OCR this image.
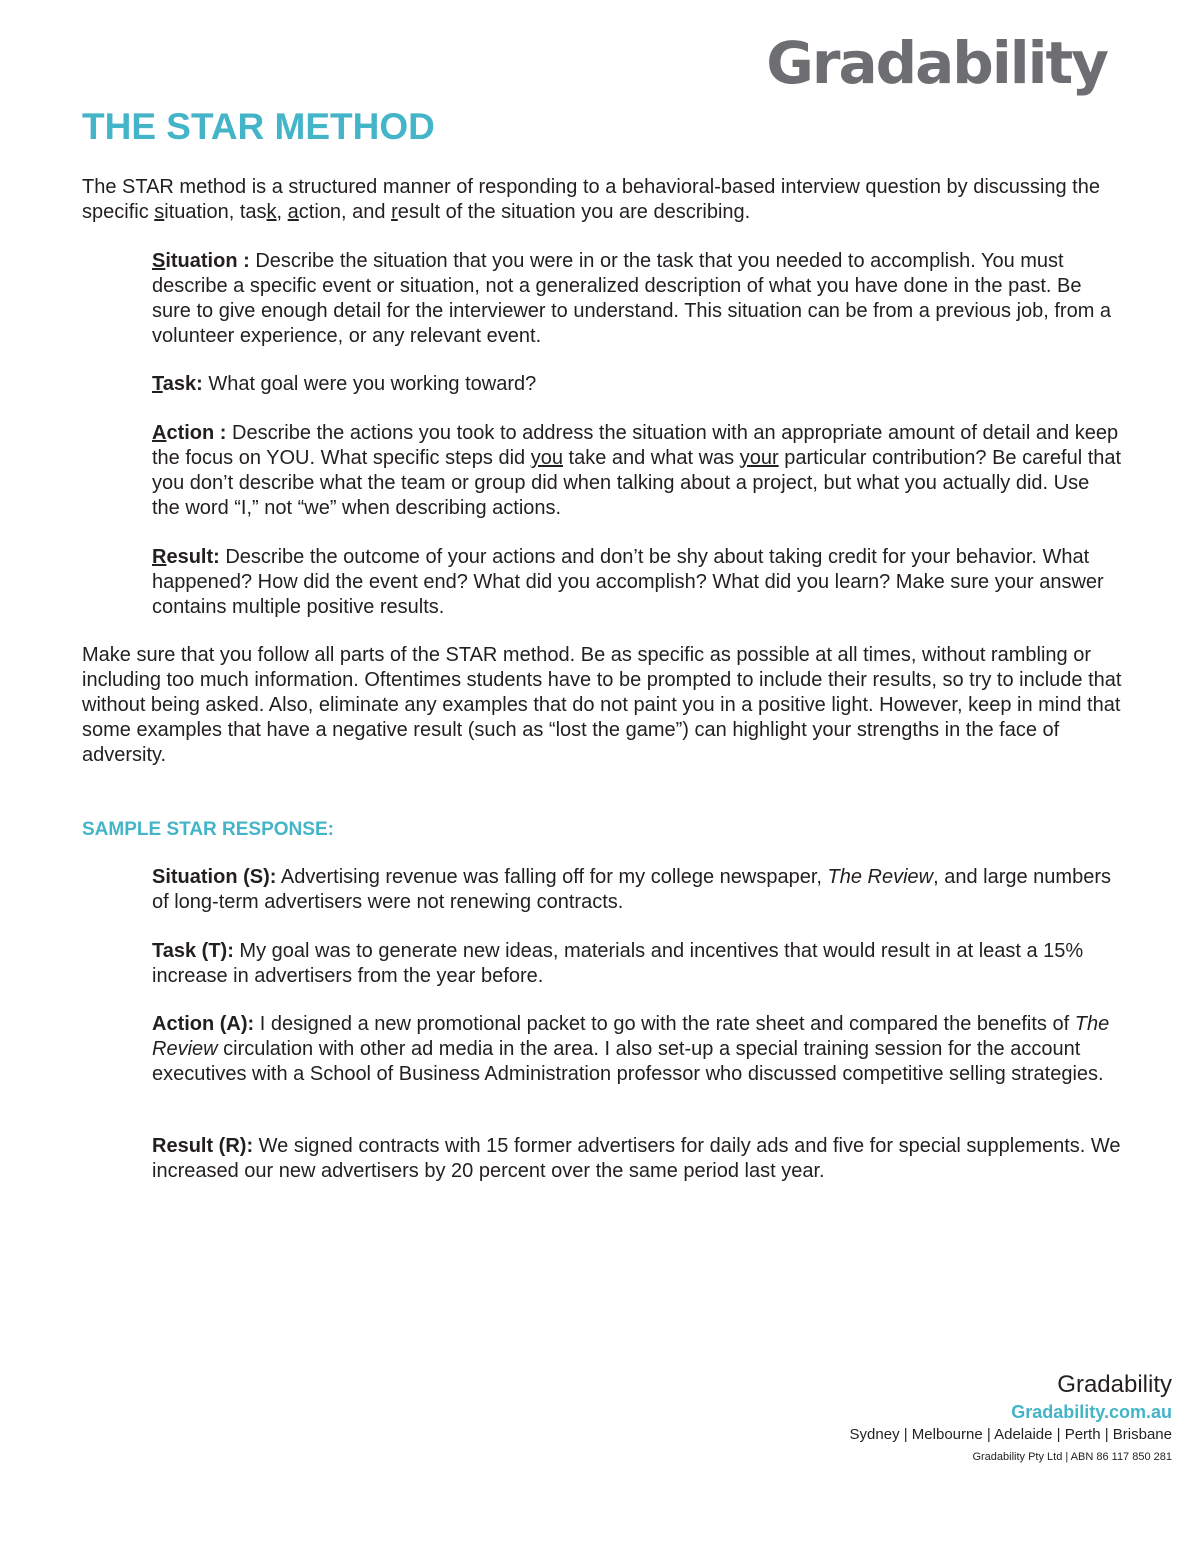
Gradability
THE STAR METHOD

The STAR method is a structured manner of responding to a behavioral-based interview question by discussing the specific situation, task, action, and result of the situation you are describing.

Situation : Describe the situation that you were in or the task that you needed to accomplish. You must describe a specific event or situation, not a generalized description of what you have done in the past. Be sure to give enough detail for the interviewer to understand. This situation can be from a previous job, from a volunteer experience, or any relevant event.

Task: What goal were you working toward?

Action : Describe the actions you took to address the situation with an appropriate amount of detail and keep the focus on YOU. What specific steps did you take and what was your particular contribution? Be careful that you don’t describe what the team or group did when talking about a project, but what you actually did. Use the word “I,” not “we” when describing actions.

Result: Describe the outcome of your actions and don’t be shy about taking credit for your behavior. What happened? How did the event end? What did you accomplish? What did you learn? Make sure your answer contains multiple positive results.

Make sure that you follow all parts of the STAR method. Be as specific as possible at all times, without rambling or including too much information. Oftentimes students have to be prompted to include their results, so try to include that without being asked. Also, eliminate any examples that do not paint you in a positive light. However, keep in mind that some examples that have a negative result (such as “lost the game”) can highlight your strengths in the face of adversity.

SAMPLE STAR RESPONSE:

Situation (S): Advertising revenue was falling off for my college newspaper, The Review, and large numbers of long-term advertisers were not renewing contracts.

Task (T): My goal was to generate new ideas, materials and incentives that would result in at least a 15% increase in advertisers from the year before.

Action (A): I designed a new promotional packet to go with the rate sheet and compared the benefits of The Review circulation with other ad media in the area. I also set-up a special training session for the account executives with a School of Business Administration professor who discussed competitive selling strategies.

Result (R): We signed contracts with 15 former advertisers for daily ads and five for special supplements. We increased our new advertisers by 20 percent over the same period last year.

Gradability
Gradability.com.au
Sydney | Melbourne | Adelaide | Perth | Brisbane
Gradability Pty Ltd | ABN 86 117 850 281
